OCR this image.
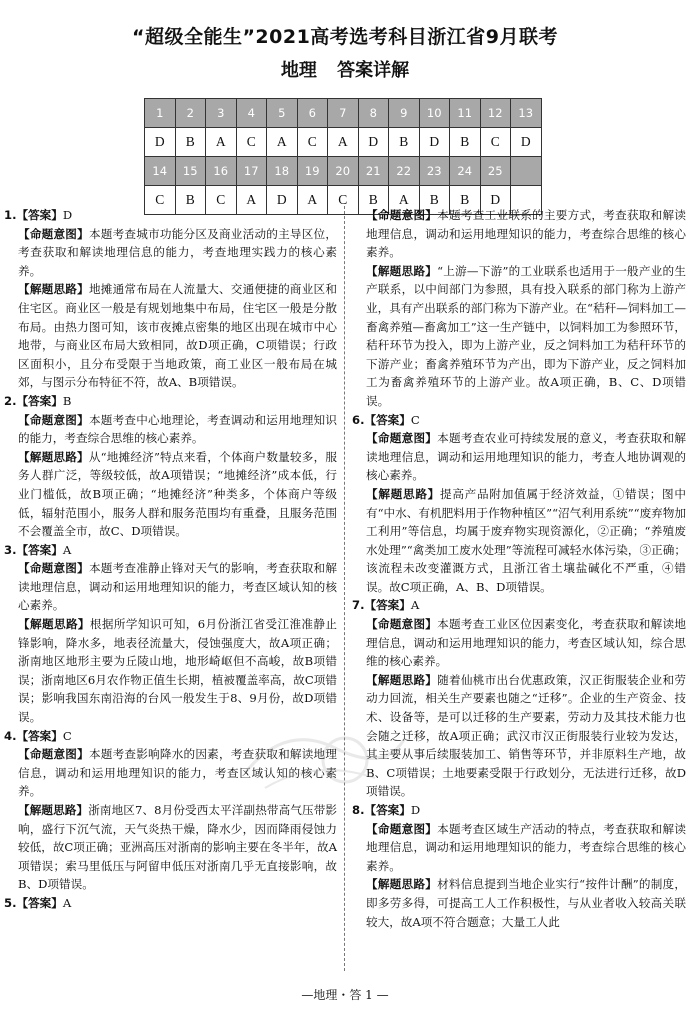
“超级全能生”2021高考选考科目浙江省9月联考
地理 答案详解
1	2	3	4	5	6	7	8	9	10	11	12	13
D	B	A	C	A	C	A	D	B	D	B	C	D
14	15	16	17	18	19	20	21	22	23	24	25	
C	B	C	A	D	A	C	B	A	B	B	D	

1.【答案】D

【命题意图】本题考查城市功能分区及商业活动的主导区位，考查获取和解读地理信息的能力，考查地理实践力的核心素养。

【解题思路】地摊通常布局在人流量大、交通便捷的商业区和住宅区。商业区一般是有规划地集中布局，住宅区一般是分散布局。由热力图可知，该市夜摊点密集的地区出现在城市中心地带，与商业区布局大致相同，故D项正确，C项错误；行政区面积小，且分布受限于当地政策，商工业区一般布局在城郊，与图示分布特征不符，故A、B项错误。

2.【答案】B

【命题意图】本题考查中心地理论，考查调动和运用地理知识的能力，考查综合思维的核心素养。

【解题思路】从“地摊经济”特点来看，个体商户数量较多，服务人群广泛，等级较低，故A项错误；“地摊经济”成本低，行业门槛低，故B项正确；“地摊经济”种类多，个体商户等级低，辐射范围小，服务人群和服务范围均有重叠，且服务范围不会覆盖全市，故C、D项错误。

3.【答案】A

【命题意图】本题考查准静止锋对天气的影响，考查获取和解读地理信息，调动和运用地理知识的能力，考查区域认知的核心素养。

【解题思路】根据所学知识可知，6月份浙江省受江淮准静止锋影响，降水多，地表径流量大，侵蚀强度大，故A项正确；浙南地区地形主要为丘陵山地，地形崎岖但不高峻，故B项错误；浙南地区6月农作物正值生长期，植被覆盖率高，故C项错误；影响我国东南沿海的台风一般发生于8、9月份，故D项错误。

4.【答案】C

【命题意图】本题考查影响降水的因素，考查获取和解读地理信息，调动和运用地理知识的能力，考查区域认知的核心素养。

【解题思路】浙南地区7、8月份受西太平洋副热带高气压带影响，盛行下沉气流，天气炎热干燥，降水少，因而降雨侵蚀力较低，故C项正确；亚洲高压对浙南的影响主要在冬半年，故A项错误；索马里低压与阿留申低压对浙南几乎无直接影响，故B、D项错误。

5.【答案】A

【命题意图】本题考查工业联系的主要方式，考查获取和解读地理信息，调动和运用地理知识的能力，考查综合思维的核心素养。

【解题思路】“上游—下游”的工业联系也适用于一般产业的生产联系，以中间部门为参照，具有投入联系的部门称为上游产业，具有产出联系的部门称为下游产业。在“秸秆—饲料加工—畜禽养殖—畜禽加工”这一生产链中，以饲料加工为参照环节，秸秆环节为投入，即为上游产业，反之饲料加工为秸秆环节的下游产业；畜禽养殖环节为产出，即为下游产业，反之饲料加工为畜禽养殖环节的上游产业。故A项正确，B、C、D项错误。

6.【答案】C

【命题意图】本题考查农业可持续发展的意义，考查获取和解读地理信息，调动和运用地理知识的能力，考查人地协调观的核心素养。

【解题思路】提高产品附加值属于经济效益，①错误；图中有“中水、有机肥料用于作物种植区”“沼气利用系统”“废弃物加工利用”等信息，均属于废弃物实现资源化，②正确；“养殖废水处理”“禽类加工废水处理”等流程可减轻水体污染，③正确；该流程未改变灌溉方式，且浙江省土壤盐碱化不严重，④错误。故C项正确，A、B、D项错误。

7.【答案】A

【命题意图】本题考查工业区位因素变化，考查获取和解读地理信息，调动和运用地理知识的能力，考查区域认知，综合思维的核心素养。

【解题思路】随着仙桃市出台优惠政策，汉正街服装企业和劳动力回流，相关生产要素也随之“迁移”。企业的生产资金、技术、设备等，是可以迁移的生产要素，劳动力及其技术能力也会随之迁移，故A项正确；武汉市汉正街服装行业较为发达，其主要从事后续服装加工、销售等环节，并非原料生产地，故B、C项错误；土地要素受限于行政划分，无法进行迁移，故D项错误。

8.【答案】D

【命题意图】本题考查区域生产活动的特点，考查获取和解读地理信息，调动和运用地理知识的能力，考查综合思维的核心素养。

【解题思路】材料信息提到当地企业实行“按件计酬”的制度，即多劳多得，可提高工人工作积极性，与从业者收入较高关联较大，故A项不符合题意；大量工人此

—地理・答 1 —
